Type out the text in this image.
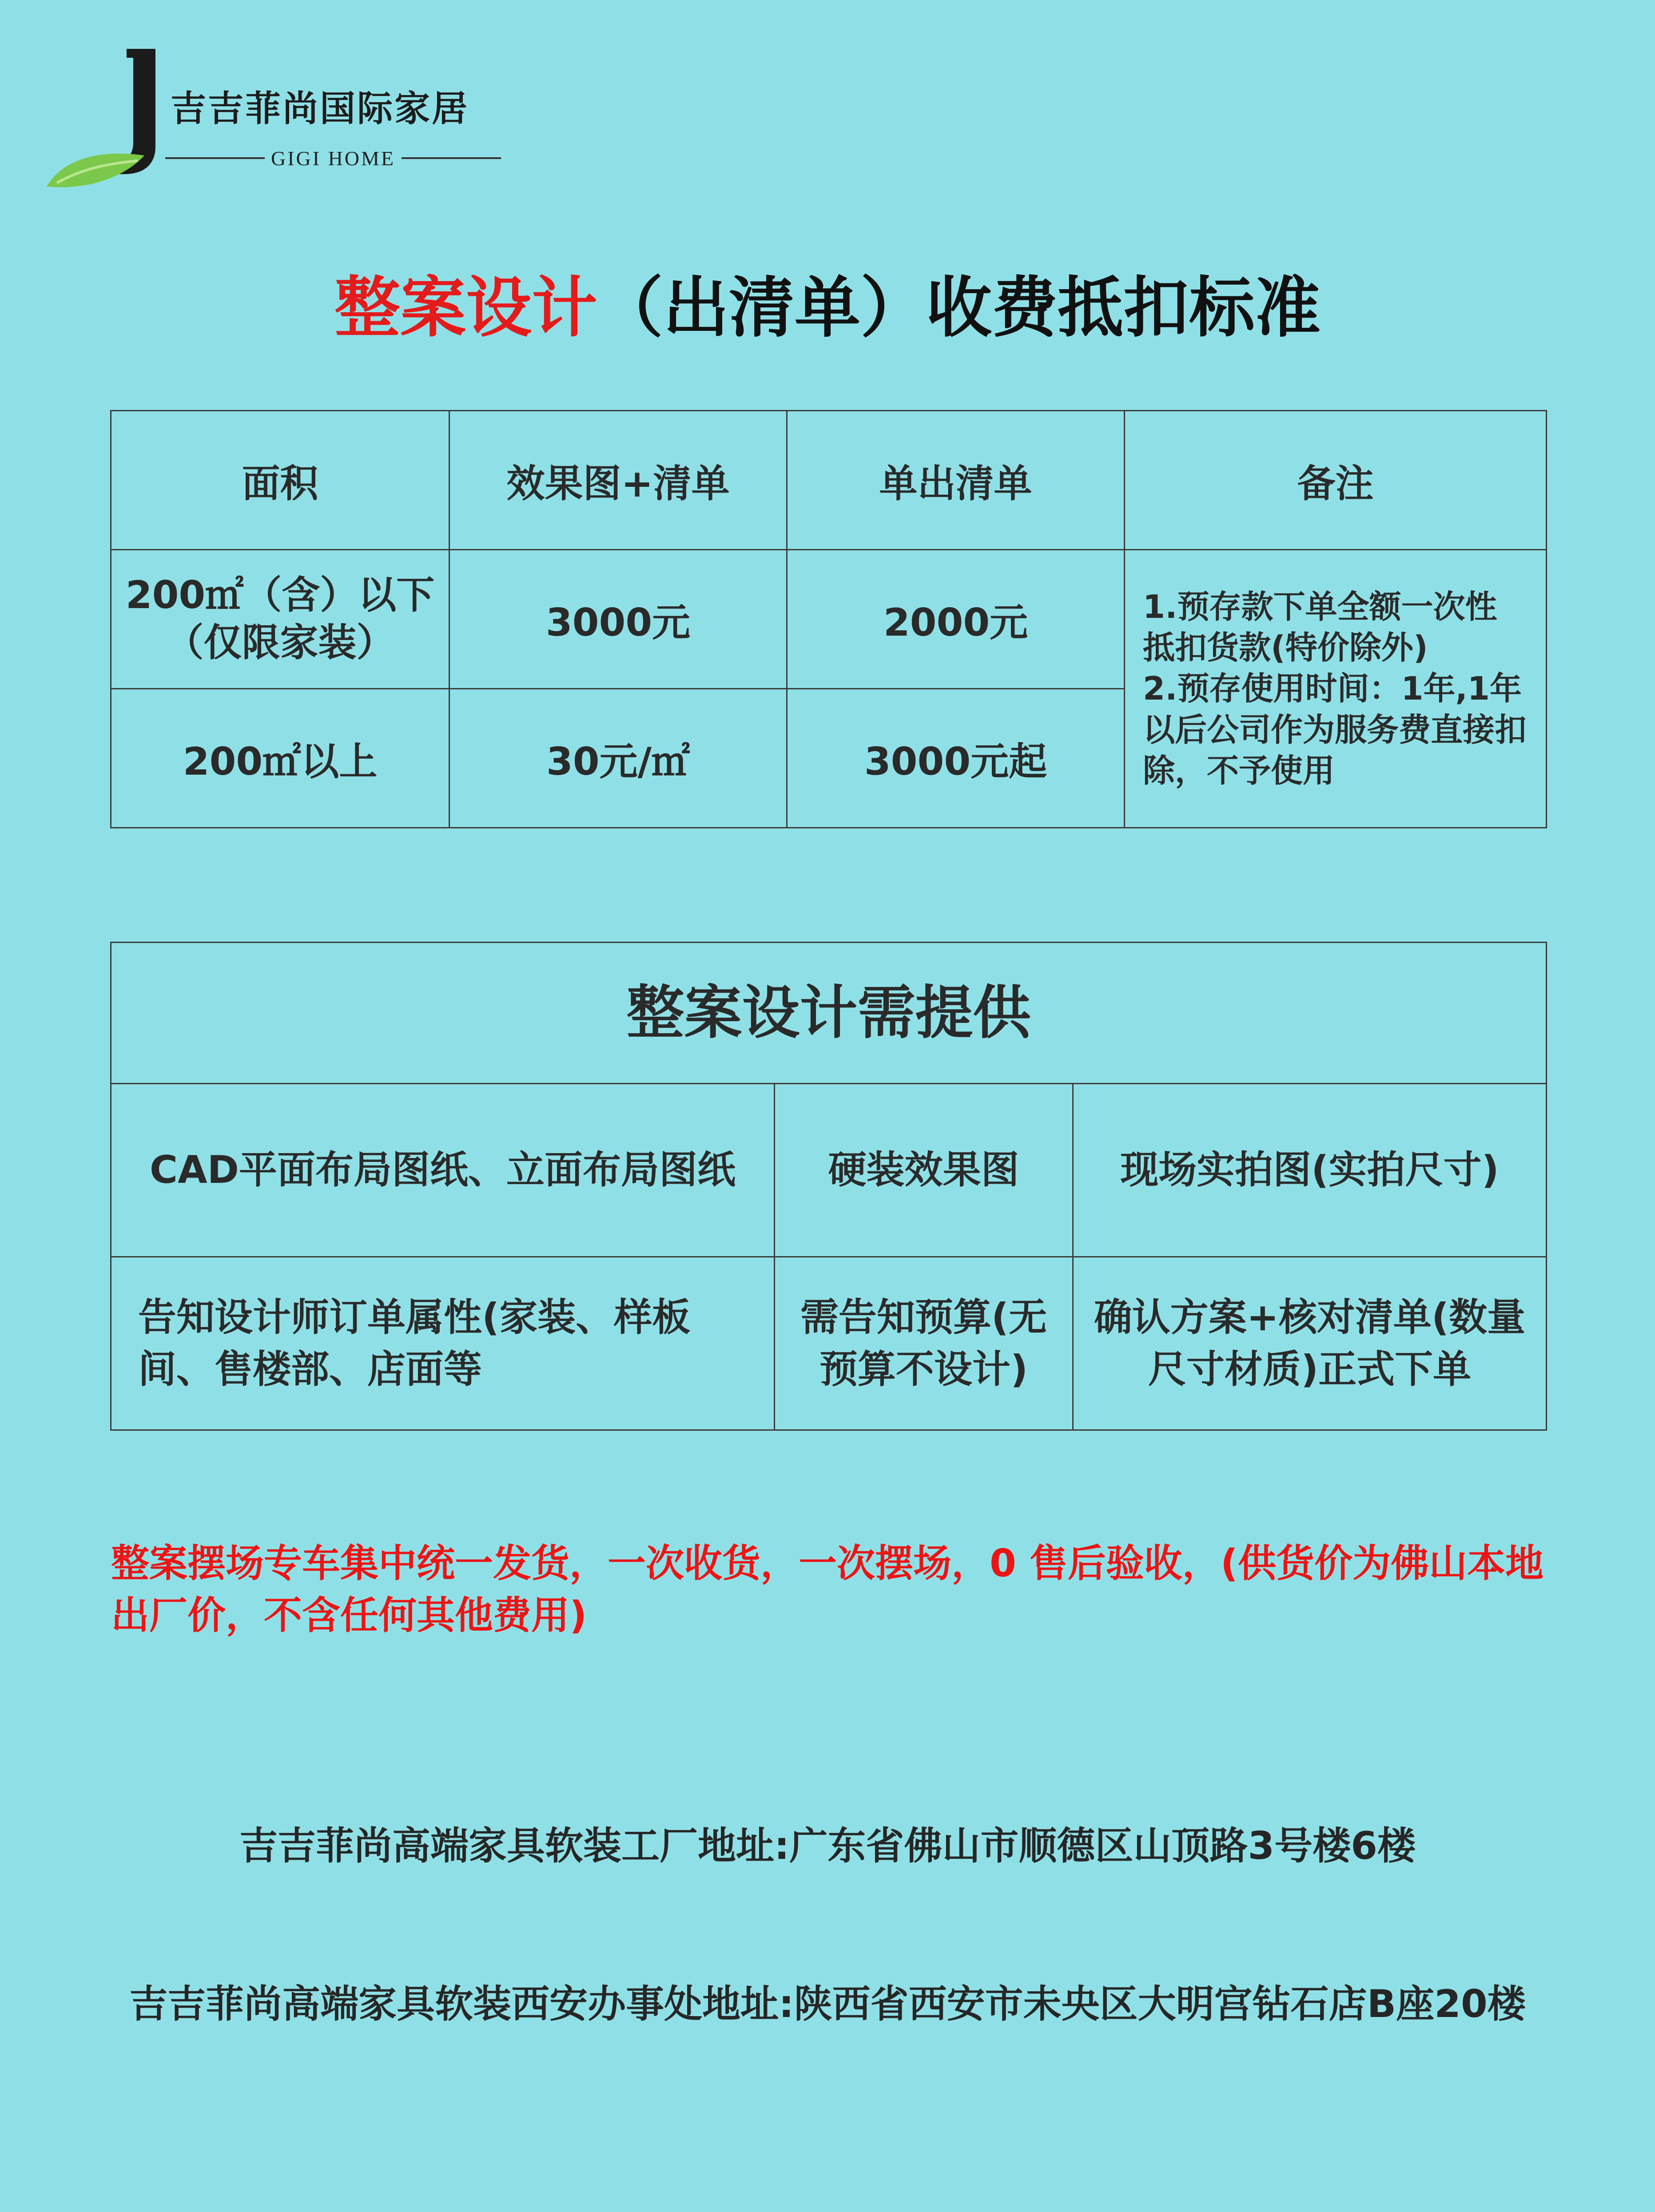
吉吉菲尚国际家居
GIGI HOME
整案设计（出清单）收费抵扣标准
面积	效果图+清单	单出清单	备注
200㎡（含）以下（仅限家装）	3000元	2000元	1.预存款下单全额一次性抵扣货款(特价除外)
2.预存使用时间：1年,1年以后公司作为服务费直接扣除，不予使用

200㎡以上	30元/㎡	3000元起	
整案设计需提供		
CAD平面布局图纸、立面布局图纸	硬装效果图	现场实拍图(实拍尺寸)
告知设计师订单属性(家装、样板间、售楼部、店面等	需告知预算(无预算不设计)	确认方案+核对清单(数量尺寸材质)正式下单
整案摆场专车集中统一发货，一次收货，一次摆场，0 售后验收，(供货价为佛山本地出厂价，不含任何其他费用)
吉吉菲尚高端家具软装工厂地址:广东省佛山市顺德区山顶路3号楼6楼
吉吉菲尚高端家具软装西安办事处地址:陕西省西安市未央区大明宫钻石店B座20楼
